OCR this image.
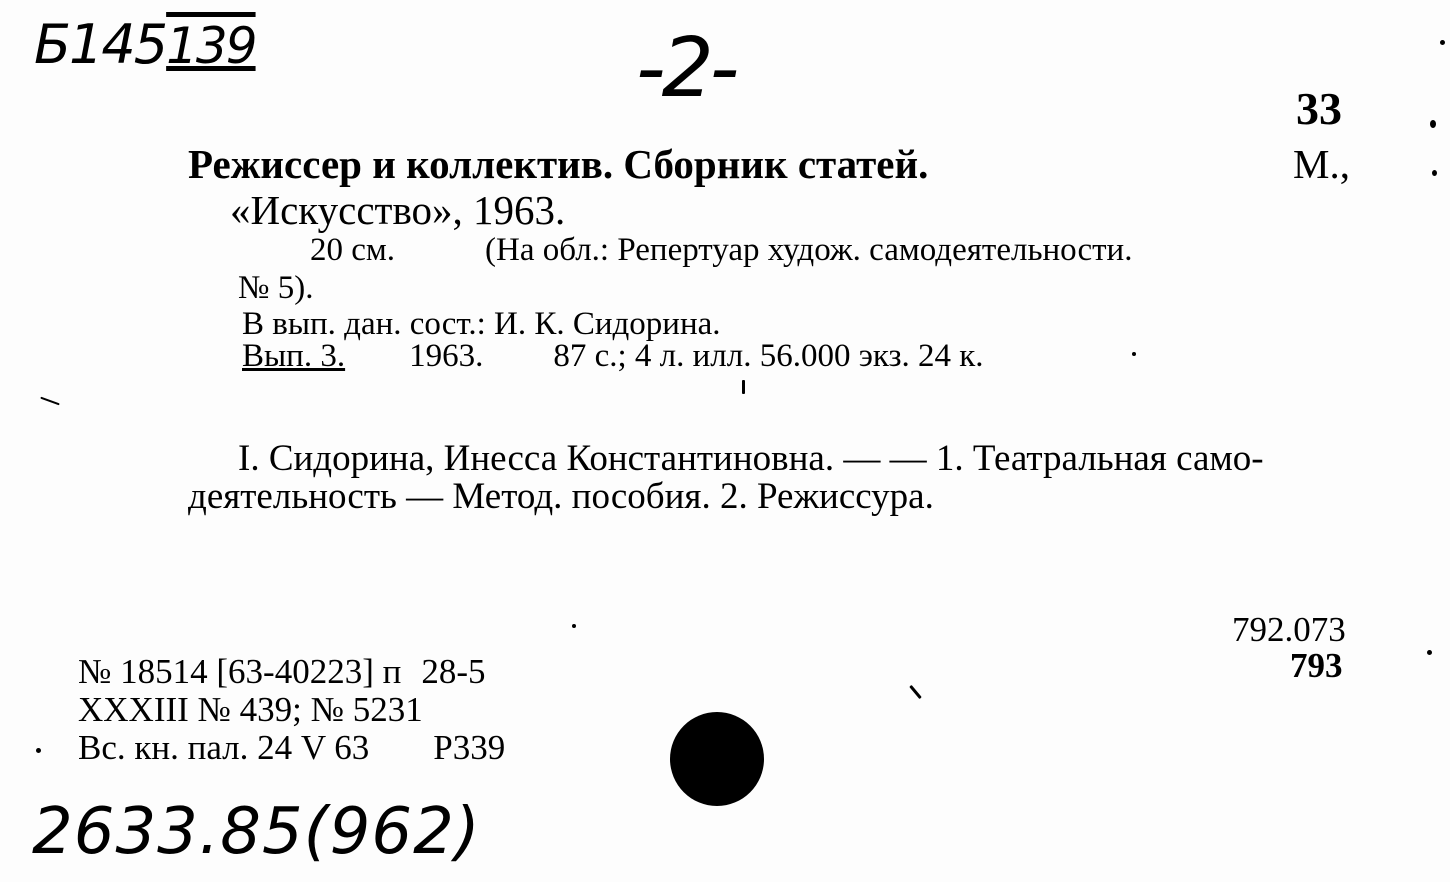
Б145139	-2-	33
Режиссер и коллектив. Сборник статей.	М.,
«Искусство», 1963.
20 см.	(На обл.: Репертуар худож. самодеятельности.
№ 5).
В вып. дан. сост.: И. К. Сидорина.
Вып. 3. 1963. 87 с.; 4 л. илл. 56.000 экз. 24 к.
I. Сидорина, Инесса Константиновна. — — 1. Театральная само-
деятельность — Метод. пособия. 2. Режиссура.
792.073
793
№ 18514 [63-40223] п 28-5
XXXIII № 439; № 5231
Вс. кн. пал. 24 V 63 Р339
2633.85(962)
